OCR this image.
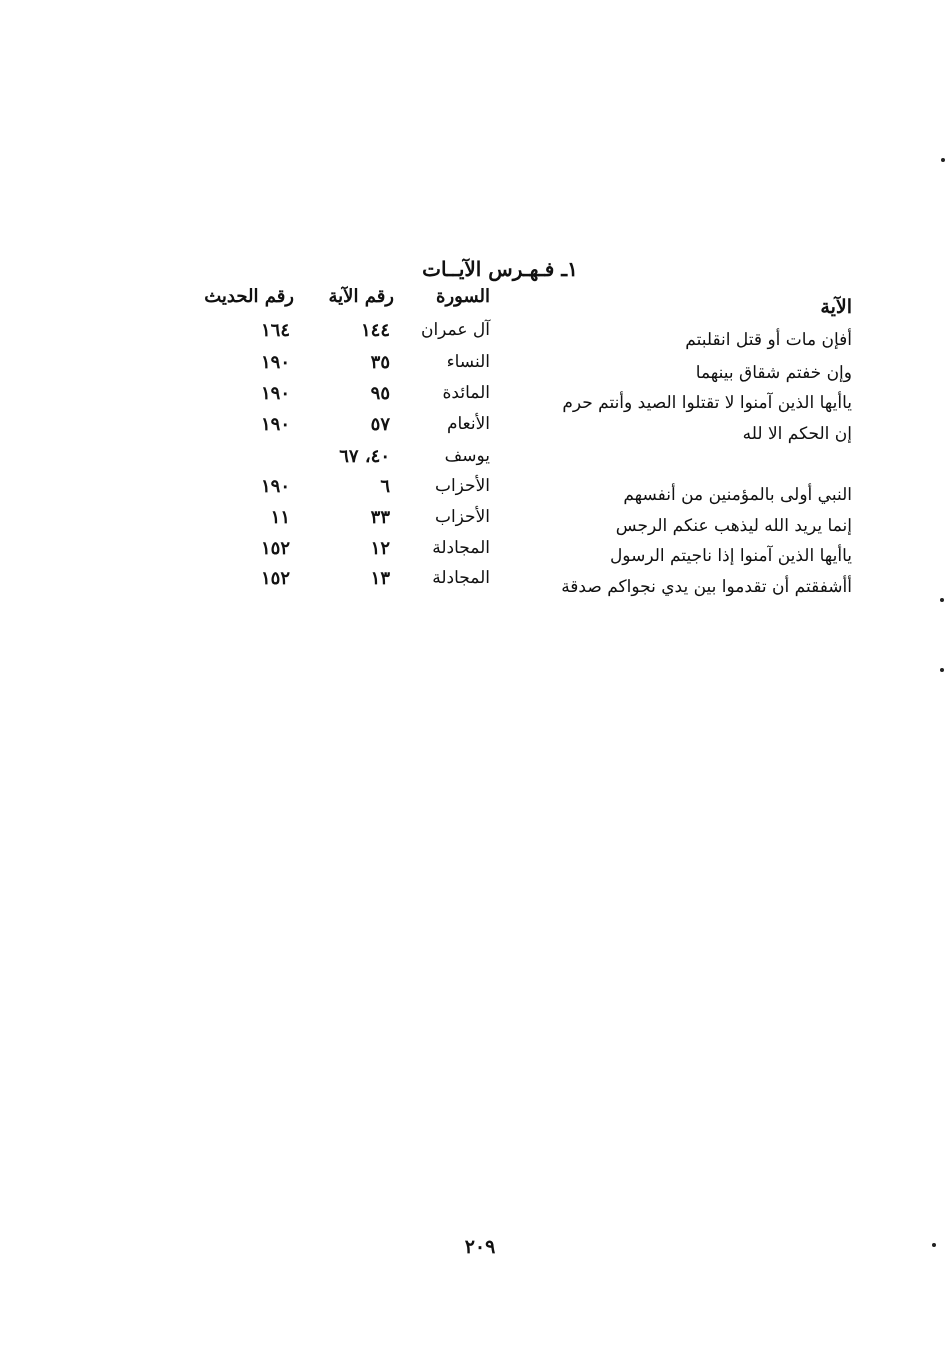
١ـ فـهـرس الآيــات
السورة
رقم الآية
رقم الحديث	الآية
أفإن مات أو قتل انقلبتم
وإن خفتم شقاق بينهما
ياأيها الذين آمنوا لا تقتلوا الصيد وأنتم حرم
إن الحكم الا لله
النبي أولى بالمؤمنين من أنفسهم
إنما يريد الله ليذهب عنكم الرجس
ياأيها الذين آمنوا إذا ناجيتم الرسول
أأشفقتم أن تقدموا بين يدي نجواكم صدقة
آل عمران
١٤٤
١٦٤
النساء
٣٥
١٩٠
المائدة
٩٥
١٩٠
الأنعام
٥٧
١٩٠
يوسف
٤٠، ٦٧
الأحزاب
٦
١٩٠
الأحزاب
٣٣
١١
المجادلة
١٢
١٥٢
المجادلة
١٣
١٥٢
٢٠٩
